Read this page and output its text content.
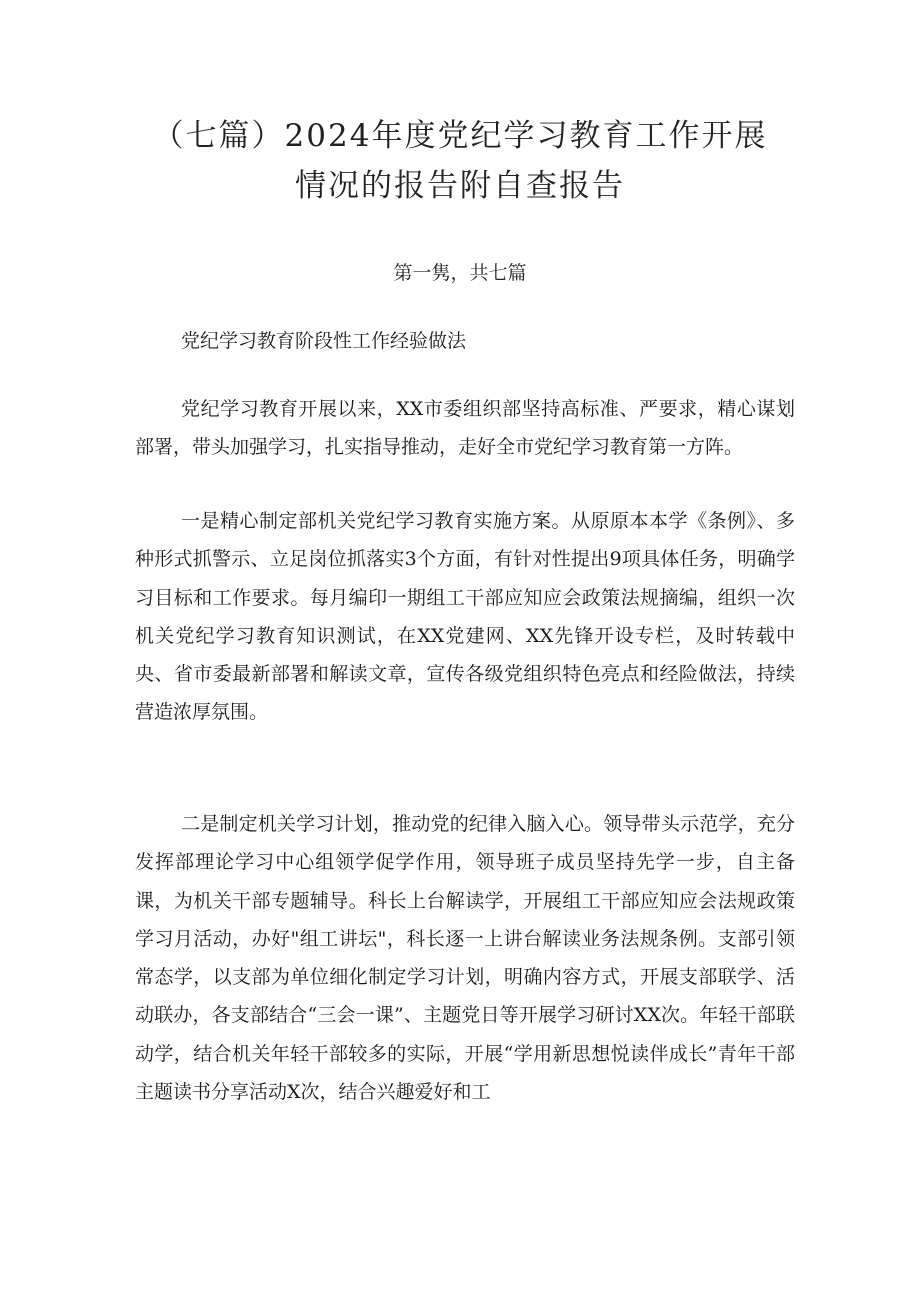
（七篇）2024年度党纪学习教育工作开展
情况的报告附自查报告
第一隽，共七篇

党纪学习教育阶段性工作经验做法

党纪学习教育开展以来，XX市委组织部坚持高标准、严要求，精心谋划部署，带头加强学习，扎实指导推动，走好全市党纪学习教育第一方阵。

一是精心制定部机关党纪学习教育实施方案。从原原本本学《条例》、多种形式抓警示、立足岗位抓落实3个方面，有针对性提出9项具体任务，明确学习目标和工作要求。每月编印一期组工干部应知应会政策法规摘编，组织一次机关党纪学习教育知识测试，在XX党建网、XX先锋开设专栏，及时转载中央、省市委最新部署和解读文章，宣传各级党组织特色亮点和经险做法，持续营造浓厚氛围。

二是制定机关学习计划，推动党的纪律入脑入心。领导带头示范学，充分发挥部理论学习中心组领学促学作用，领导班子成员坚持先学一步，自主备课，为机关干部专题辅导。科长上台解读学，开展组工干部应知应会法规政策学习月活动，办好"组工讲坛"，科长逐一上讲台解读业务法规条例。支部引领常态学，以支部为单位细化制定学习计划，明确内容方式，开展支部联学、活动联办，各支部结合“三会一课”、主题党日等开展学习研讨XX次。年轻干部联动学，结合机关年轻干部较多的实际，开展“学用新思想悦读伴成长”青年干部主题读书分享活动X次，结合兴趣爱好和工
